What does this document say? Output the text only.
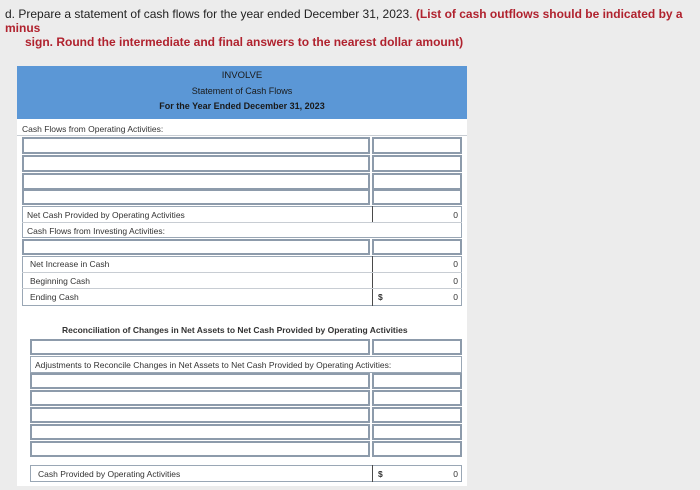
d. Prepare a statement of cash flows for the year ended December 31, 2023. (List of cash outflows should be indicated by a minus
sign. Round the intermediate and final answers to the nearest dollar amount)
INVOLVE
Statement of Cash Flows
For the Year Ended December 31, 2023
Cash Flows from Operating Activities:
Net Cash Provided by Operating Activities	0
Cash Flows from Investing Activities:
Net Increase in Cash	0
Beginning Cash	0
Ending Cash	$	0
Reconciliation of Changes in Net Assets to Net Cash Provided by Operating Activities
Adjustments to Reconcile Changes in Net Assets to Net Cash Provided by Operating Activities:
Cash Provided by Operating Activities	$	0
